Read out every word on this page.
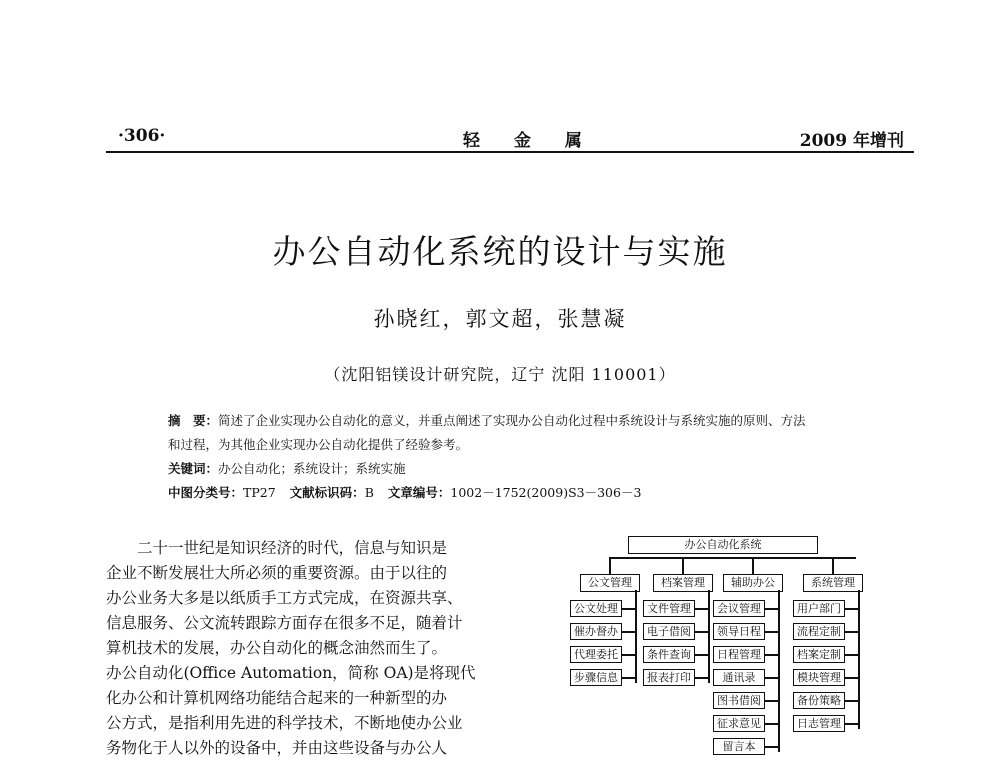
·306·	轻 金 属	2009 年增刊
办公自动化系统的设计与实施
孙晓红，郭文超，张慧凝
（沈阳铝镁设计研究院，辽宁 沈阳 110001）
摘　要：简述了企业实现办公自动化的意义，并重点阐述了实现办公自动化过程中系统设计与系统实施的原则、方法
和过程，为其他企业实现办公自动化提供了经验参考。
关键词：办公自动化；系统设计；系统实施
中图分类号：TP27 文献标识码：B 文章编号：1002－1752(2009)S3－306－3

二十一世纪是知识经济的时代，信息与知识是

企业不断发展壮大所必须的重要资源。由于以往的

办公业务大多是以纸质手工方式完成，在资源共享、

信息服务、公文流转跟踪方面存在很多不足，随着计

算机技术的发展，办公自动化的概念油然而生了。

办公自动化(Office Automation，简称 OA)是将现代

化办公和计算机网络功能结合起来的一种新型的办

公方式，是指利用先进的科学技术，不断地使办公业

务物化于人以外的设备中，并由这些设备与办公人

办公自动化系统
公文管理
公文处理
催办督办
代理委托
步骤信息
档案管理
文件管理
电子借阅
条件查询
报表打印
辅助办公
会议管理
领导日程
日程管理
通讯录
图书借阅
征求意见
留言本
系统管理
用户部门
流程定制
档案定制
模块管理
备份策略
日志管理
